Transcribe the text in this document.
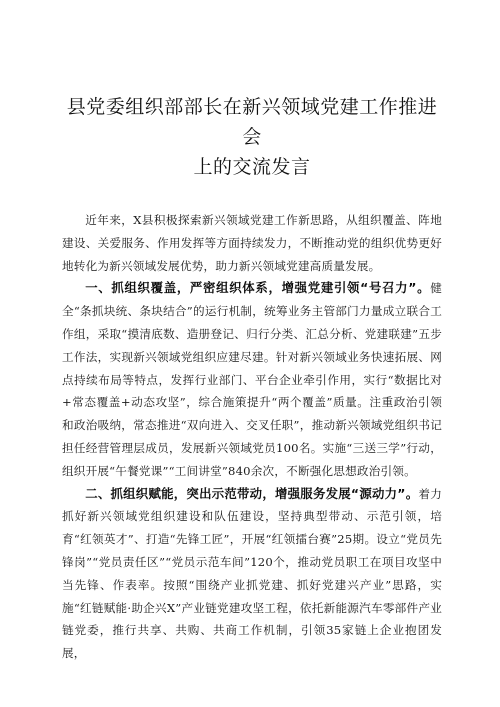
县党委组织部部长在新兴领域党建工作推进会
上的交流发言

近年来，X县积极探索新兴领域党建工作新思路，从组织覆盖、阵地建设、关爱服务、作用发挥等方面持续发力，不断推动党的组织优势更好地转化为新兴领域发展优势，助力新兴领域党建高质量发展。

一、抓组织覆盖，严密组织体系，增强党建引领“号召力”。健全“条抓块统、条块结合”的运行机制，统筹业务主管部门力量成立联合工作组，采取“摸清底数、造册登记、归行分类、汇总分析、党建联建”五步工作法，实现新兴领域党组织应建尽建。针对新兴领域业务快速拓展、网点持续布局等特点，发挥行业部门、平台企业牵引作用，实行“数据比对+常态覆盖+动态攻坚”，综合施策提升“两个覆盖”质量。注重政治引领和政治吸纳，常态推进“双向进入、交叉任职”，推动新兴领域党组织书记担任经营管理层成员，发展新兴领域党员100名。实施“三送三学”行动，组织开展“午餐党课”“工间讲堂”840余次，不断强化思想政治引领。

二、抓组织赋能，突出示范带动，增强服务发展“源动力”。着力抓好新兴领域党组织建设和队伍建设，坚持典型带动、示范引领，培育“红领英才”、打造“先锋工匠”，开展“红领擂台赛”25期。设立“党员先锋岗”“党员责任区”“党员示范车间”120个，推动党员职工在项目攻坚中当先锋、作表率。按照“围绕产业抓党建、抓好党建兴产业”思路，实施“红链赋能·助企兴X”产业链党建攻坚工程，依托新能源汽车零部件产业链党委，推行共享、共购、共商工作机制，引领35家链上企业抱团发展，
